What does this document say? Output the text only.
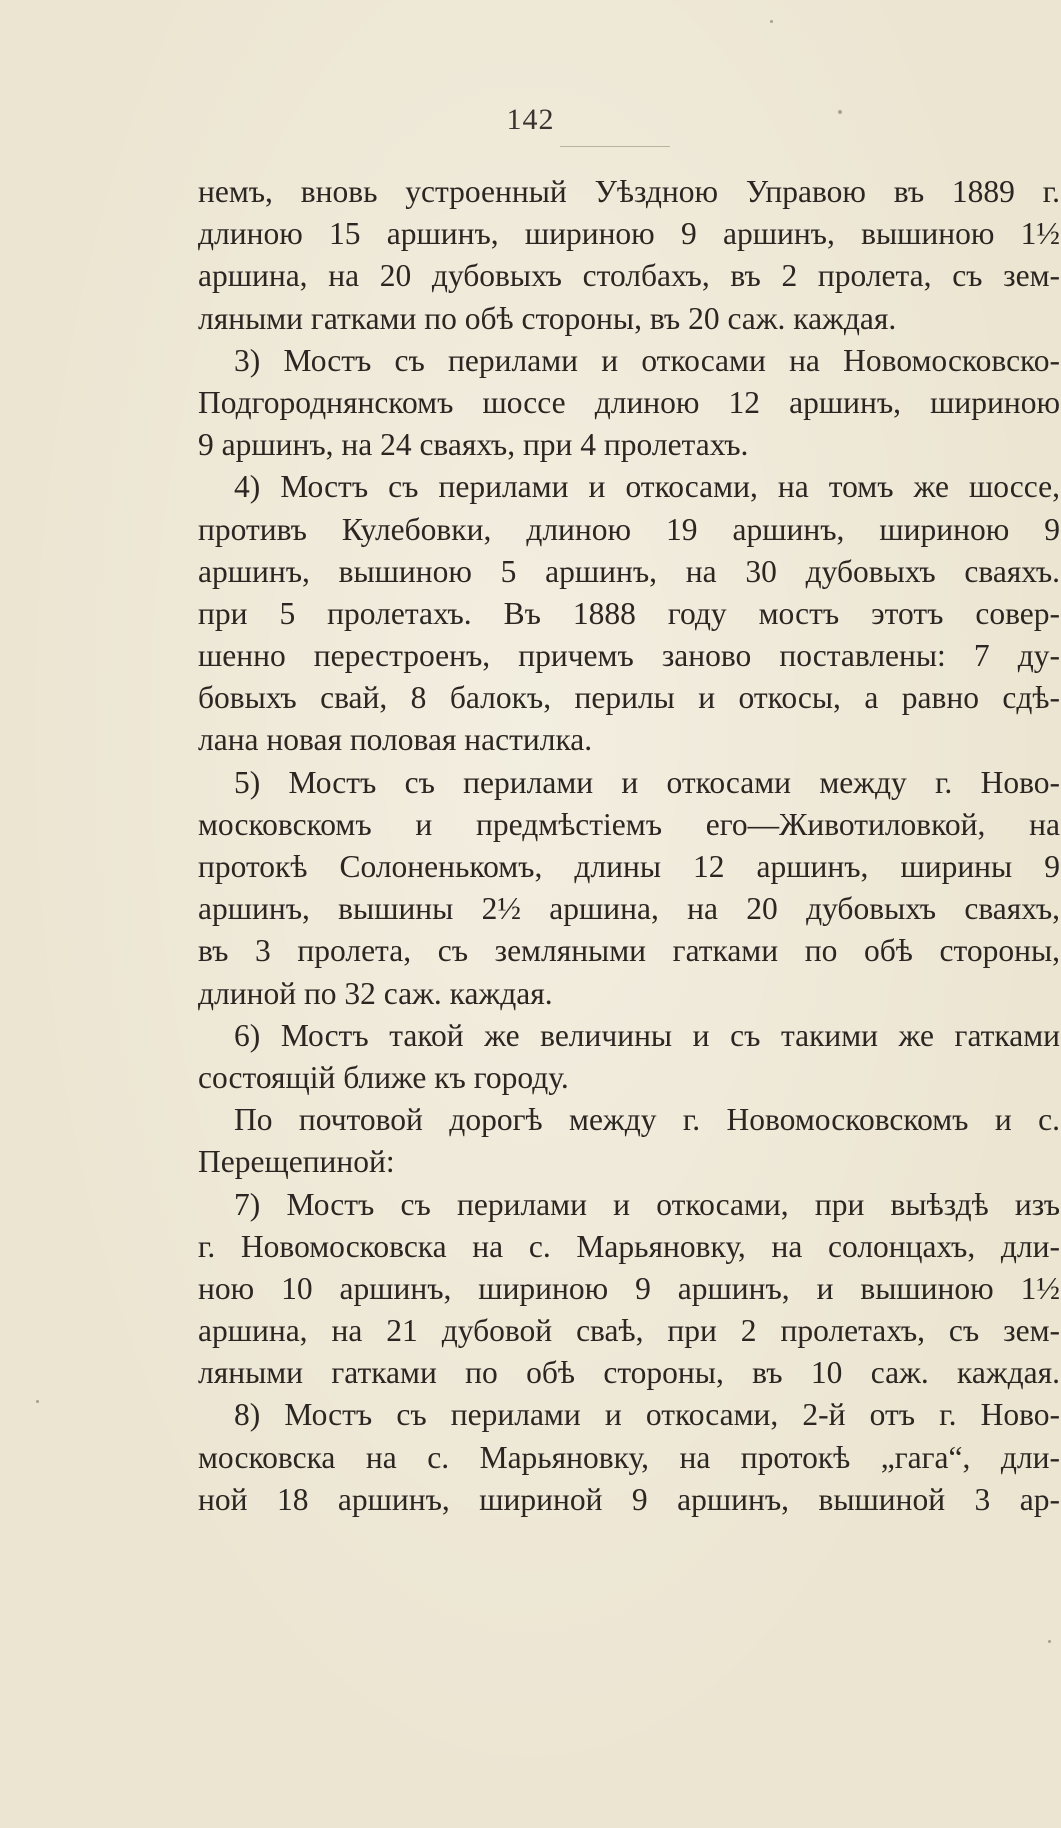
142
немъ, вновь устроенный Уѣздною Управою въ 1889 г.
длиною 15 аршинъ, шириною 9 аршинъ, вышиною 1½
аршина, на 20 дубовыхъ столбахъ, въ 2 пролета, съ зем-
ляными гатками по обѣ стороны, въ 20 саж. каждая.
3) Мостъ съ перилами и откосами на Новомосковско-
Подгороднянскомъ шоссе длиною 12 аршинъ, шириною
9 аршинъ, на 24 сваяхъ, при 4 пролетахъ.
4) Мостъ съ перилами и откосами, на томъ же шоссе,
противъ Кулебовки, длиною 19 аршинъ, шириною 9
аршинъ, вышиною 5 аршинъ, на 30 дубовыхъ сваяхъ.
при 5 пролетахъ. Въ 1888 году мостъ этотъ совер-
шенно перестроенъ, причемъ заново поставлены: 7 ду-
бовыхъ свай, 8 балокъ, перилы и откосы, а равно сдѣ-
лана новая половая настилка.
5) Мостъ съ перилами и откосами между г. Ново-
московскомъ и предмѣстіемъ его—Животиловкой, на
протокѣ Солоненькомъ, длины 12 аршинъ, ширины 9
аршинъ, вышины 2½ аршина, на 20 дубовыхъ сваяхъ,
въ 3 пролета, съ земляными гатками по обѣ стороны,
длиной по 32 саж. каждая.
6) Мостъ такой же величины и съ такими же гатками
состоящій ближе къ городу.
По почтовой дорогѣ между г. Новомосковскомъ и с.
Перещепиной:
7) Мостъ съ перилами и откосами, при выѣздѣ изъ
г. Новомосковска на с. Марьяновку, на солонцахъ, дли-
ною 10 аршинъ, шириною 9 аршинъ, и вышиною 1½
аршина, на 21 дубовой сваѣ, при 2 пролетахъ, съ зем-
ляными гатками по обѣ стороны, въ 10 саж. каждая.
8) Мостъ съ перилами и откосами, 2-й отъ г. Ново-
московска на с. Марьяновку, на протокѣ „гага“, дли-
ной 18 аршинъ, шириной 9 аршинъ, вышиной 3 ар-
